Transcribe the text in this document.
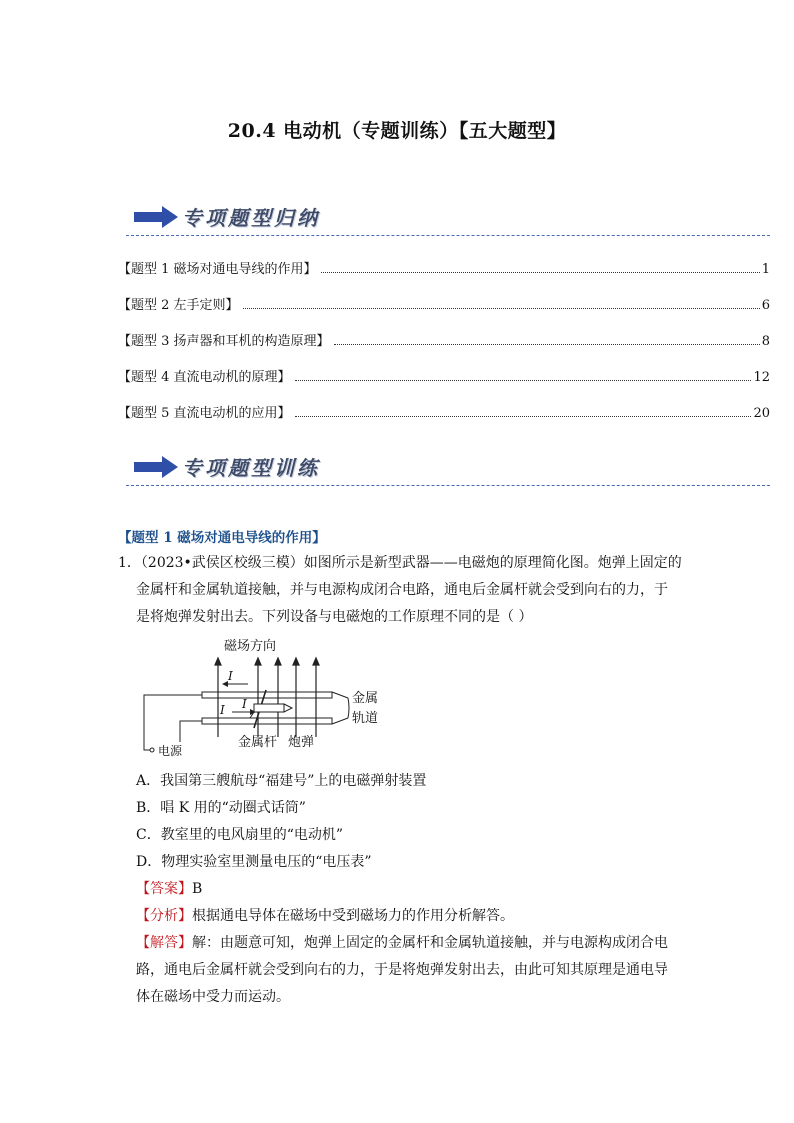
20.4 电动机（专题训练）【五大题型】
专项题型归纳
【题型 1 磁场对通电导线的作用】	1
【题型 2 左手定则】	6
【题型 3 扬声器和耳机的构造原理】	8
【题型 4 直流电动机的原理】	12
【题型 5 直流电动机的应用】	20
专项题型训练
【题型 1 磁场对通电导线的作用】
1．（2023•武侯区校级三模）如图所示是新型武器——电磁炮的原理简化图。炮弹上固定的
金属杆和金属轨道接触，并与电源构成闭合电路，通电后金属杆就会受到向右的力，于
是将炮弹发射出去。下列设备与电磁炮的工作原理不同的是（ ）
磁场方向
I
I I	金属
轨道
金属杆 炮弹
电源
A．我国第三艘航母“福建号”上的电磁弹射装置
B．唱 K 用的“动圈式话筒”
C．教室里的电风扇里的“电动机”
D．物理实验室里测量电压的“电压表”
【答案】B
【分析】根据通电导体在磁场中受到磁场力的作用分析解答。
【解答】解：由题意可知，炮弹上固定的金属杆和金属轨道接触，并与电源构成闭合电
路，通电后金属杆就会受到向右的力，于是将炮弹发射出去，由此可知其原理是通电导
体在磁场中受力而运动。
